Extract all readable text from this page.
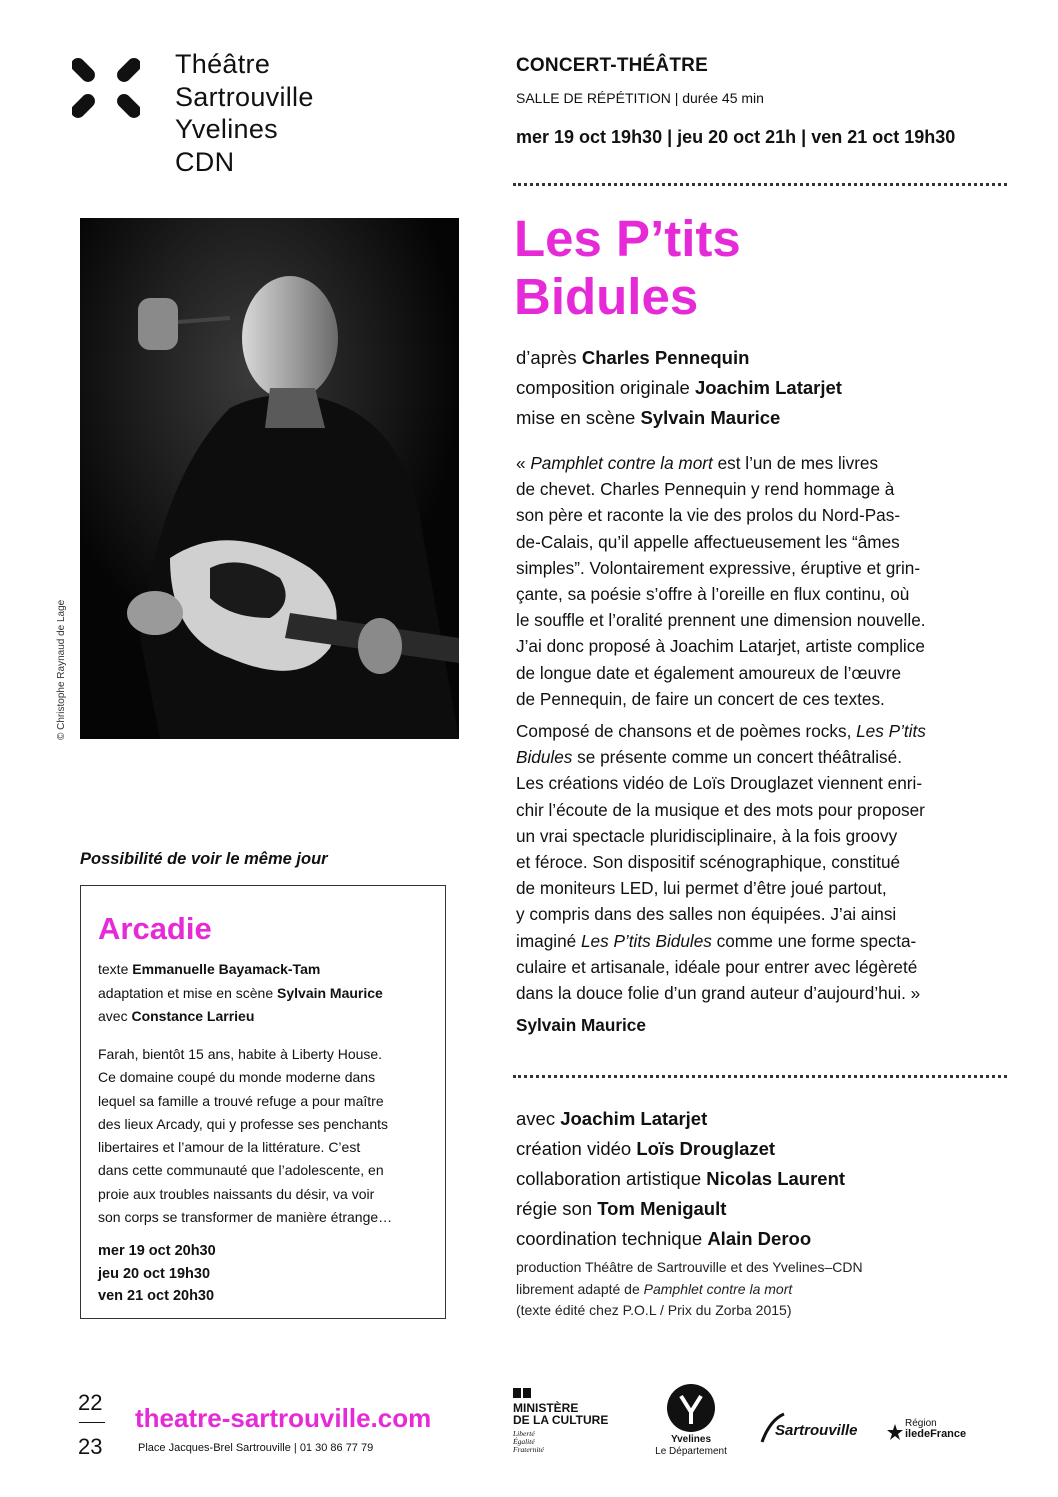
Théâtre
Sartrouville
Yvelines
CDN
CONCERT-THÉÂTRE
SALLE DE RÉPÉTITION | durée 45 min
mer 19 oct 19h30 | jeu 20 oct 21h | ven 21 oct 19h30
Les P’tits
Bidules
d’après Charles Pennequin
composition originale Joachim Latarjet
mise en scène Sylvain Maurice

« Pamphlet contre la mort est l’un de mes livres
de chevet. Charles Pennequin y rend hommage à
son père et raconte la vie des prolos du Nord-Pas-
de-Calais, qu’il appelle affectueusement les “âmes
simples”. Volontairement expressive, éruptive et grin-
çante, sa poésie s’offre à l’oreille en flux continu, où
le souffle et l’oralité prennent une dimension nouvelle.
J’ai donc proposé à Joachim Latarjet, artiste complice
de longue date et également amoureux de l’œuvre
de Pennequin, de faire un concert de ces textes.

Composé de chansons et de poèmes rocks, Les P’tits
Bidules se présente comme un concert théâtralisé.
Les créations vidéo de Loïs Drouglazet viennent enri-
chir l’écoute de la musique et des mots pour proposer
un vrai spectacle pluridisciplinaire, à la fois groovy
et féroce. Son dispositif scénographique, constitué
de moniteurs LED, lui permet d’être joué partout,
y compris dans des salles non équipées. J’ai ainsi
imaginé Les P’tits Bidules comme une forme specta-
culaire et artisanale, idéale pour entrer avec légèreté
dans la douce folie d’un grand auteur d’aujourd’hui. »

Sylvain Maurice
avec Joachim Latarjet
création vidéo Loïs Drouglazet
collaboration artistique Nicolas Laurent
régie son Tom Menigault
coordination technique Alain Deroo
production Théâtre de Sartrouville et des Yvelines–CDN
librement adapté de Pamphlet contre la mort
(texte édité chez P.O.L / Prix du Zorba 2015)
© Christophe Raynaud de Lage
Possibilité de voir le même jour
Arcadie
texte Emmanuelle Bayamack-Tam
adaptation et mise en scène Sylvain Maurice
avec Constance Larrieu
Farah, bientôt 15 ans, habite à Liberty House.
Ce domaine coupé du monde moderne dans
lequel sa famille a trouvé refuge a pour maître
des lieux Arcady, qui y professe ses penchants
libertaires et l’amour de la littérature. C’est
dans cette communauté que l’adolescente, en
proie aux troubles naissants du désir, va voir
son corps se transformer de manière étrange…
mer 19 oct 20h30
jeu 20 oct 19h30
ven 21 oct 20h30
22
23
theatre-sartrouville.com
Place Jacques-Brel Sartrouville | 01 30 86 77 79
MINISTÈRE
DE LA CULTURE
Liberté
Égalité
Fraternité
Yvelines
Le Département
Sartrouville	Région
iledeFrance
